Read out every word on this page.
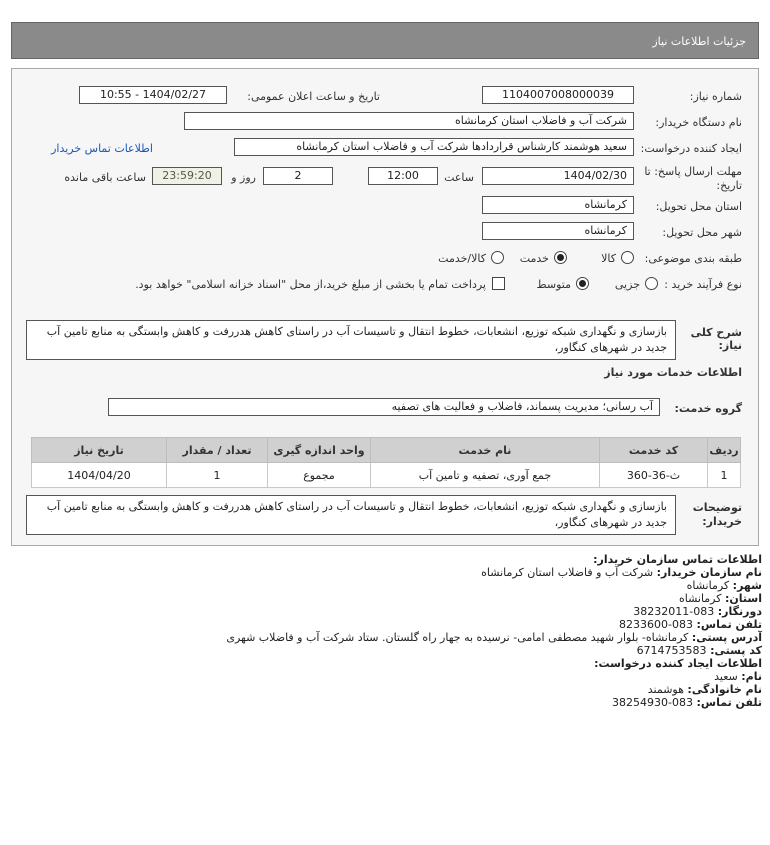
جزئیات اطلاعات نیاز
شماره نیاز:
1104007008000039
تاریخ و ساعت اعلان عمومی:
1404/02/27 - 10:55
نام دستگاه خریدار:
شرکت آب و فاضلاب استان کرمانشاه
ایجاد کننده درخواست:
سعید هوشمند کارشناس قراردادها شرکت آب و فاضلاب استان کرمانشاه
اطلاعات تماس خریدار
مهلت ارسال پاسخ: تا
تاریخ:
1404/02/30
ساعت
12:00
2
روز و
23:59:20
ساعت باقی مانده
استان محل تحویل:
کرمانشاه
شهر محل تحویل:
کرمانشاه
طبقه بندی موضوعی:
کالا
خدمت
کالا/خدمت
نوع فرآیند خرید :
جزیی
متوسط
پرداخت تمام یا بخشی از مبلغ خرید،از محل "اسناد خزانه اسلامی" خواهد بود.
شرح کلی
نیاز:
بازسازی و نگهداری شبکه توزیع، انشعابات، خطوط انتقال و تاسیسات آب در راستای کاهش هدررفت و کاهش وابستگی به منابع تامین آب جدید در شهرهای کنگاور،
اطلاعات خدمات مورد نیاز
گروه خدمت:
آب رسانی؛ مدیریت پسماند، فاضلاب و فعالیت های تصفیه
توضیحات
خریدار:
بازسازی و نگهداری شبکه توزیع، انشعابات، خطوط انتقال و تاسیسات آب در راستای کاهش هدررفت و کاهش وابستگی به منابع تامین آب جدید در شهرهای کنگاور،
ردیف	کد خدمت	نام خدمت	واحد اندازه گیری	تعداد / مقدار	تاریخ نیاز
1	ث-36-360	جمع آوری، تصفیه و تامین آب	مجموع	1	1404/04/20
اطلاعات تماس سازمان خریدار:
نام سازمان خریدار: شرکت آب و فاضلاب استان کرمانشاه
شهر: کرمانشاه
استان: کرمانشاه
دورنگار: 083-38232011
تلفن تماس: 083-8233600
آدرس پستی: کرمانشاه- بلوار شهید مصطفی امامی- نرسیده به جهار راه گلستان. ستاد شرکت آب و فاضلاب شهری
کد پستی: 6714753583
اطلاعات ایجاد کننده درخواست:
نام: سعید
نام خانوادگی: هوشمند
تلفن تماس: 083-38254930
